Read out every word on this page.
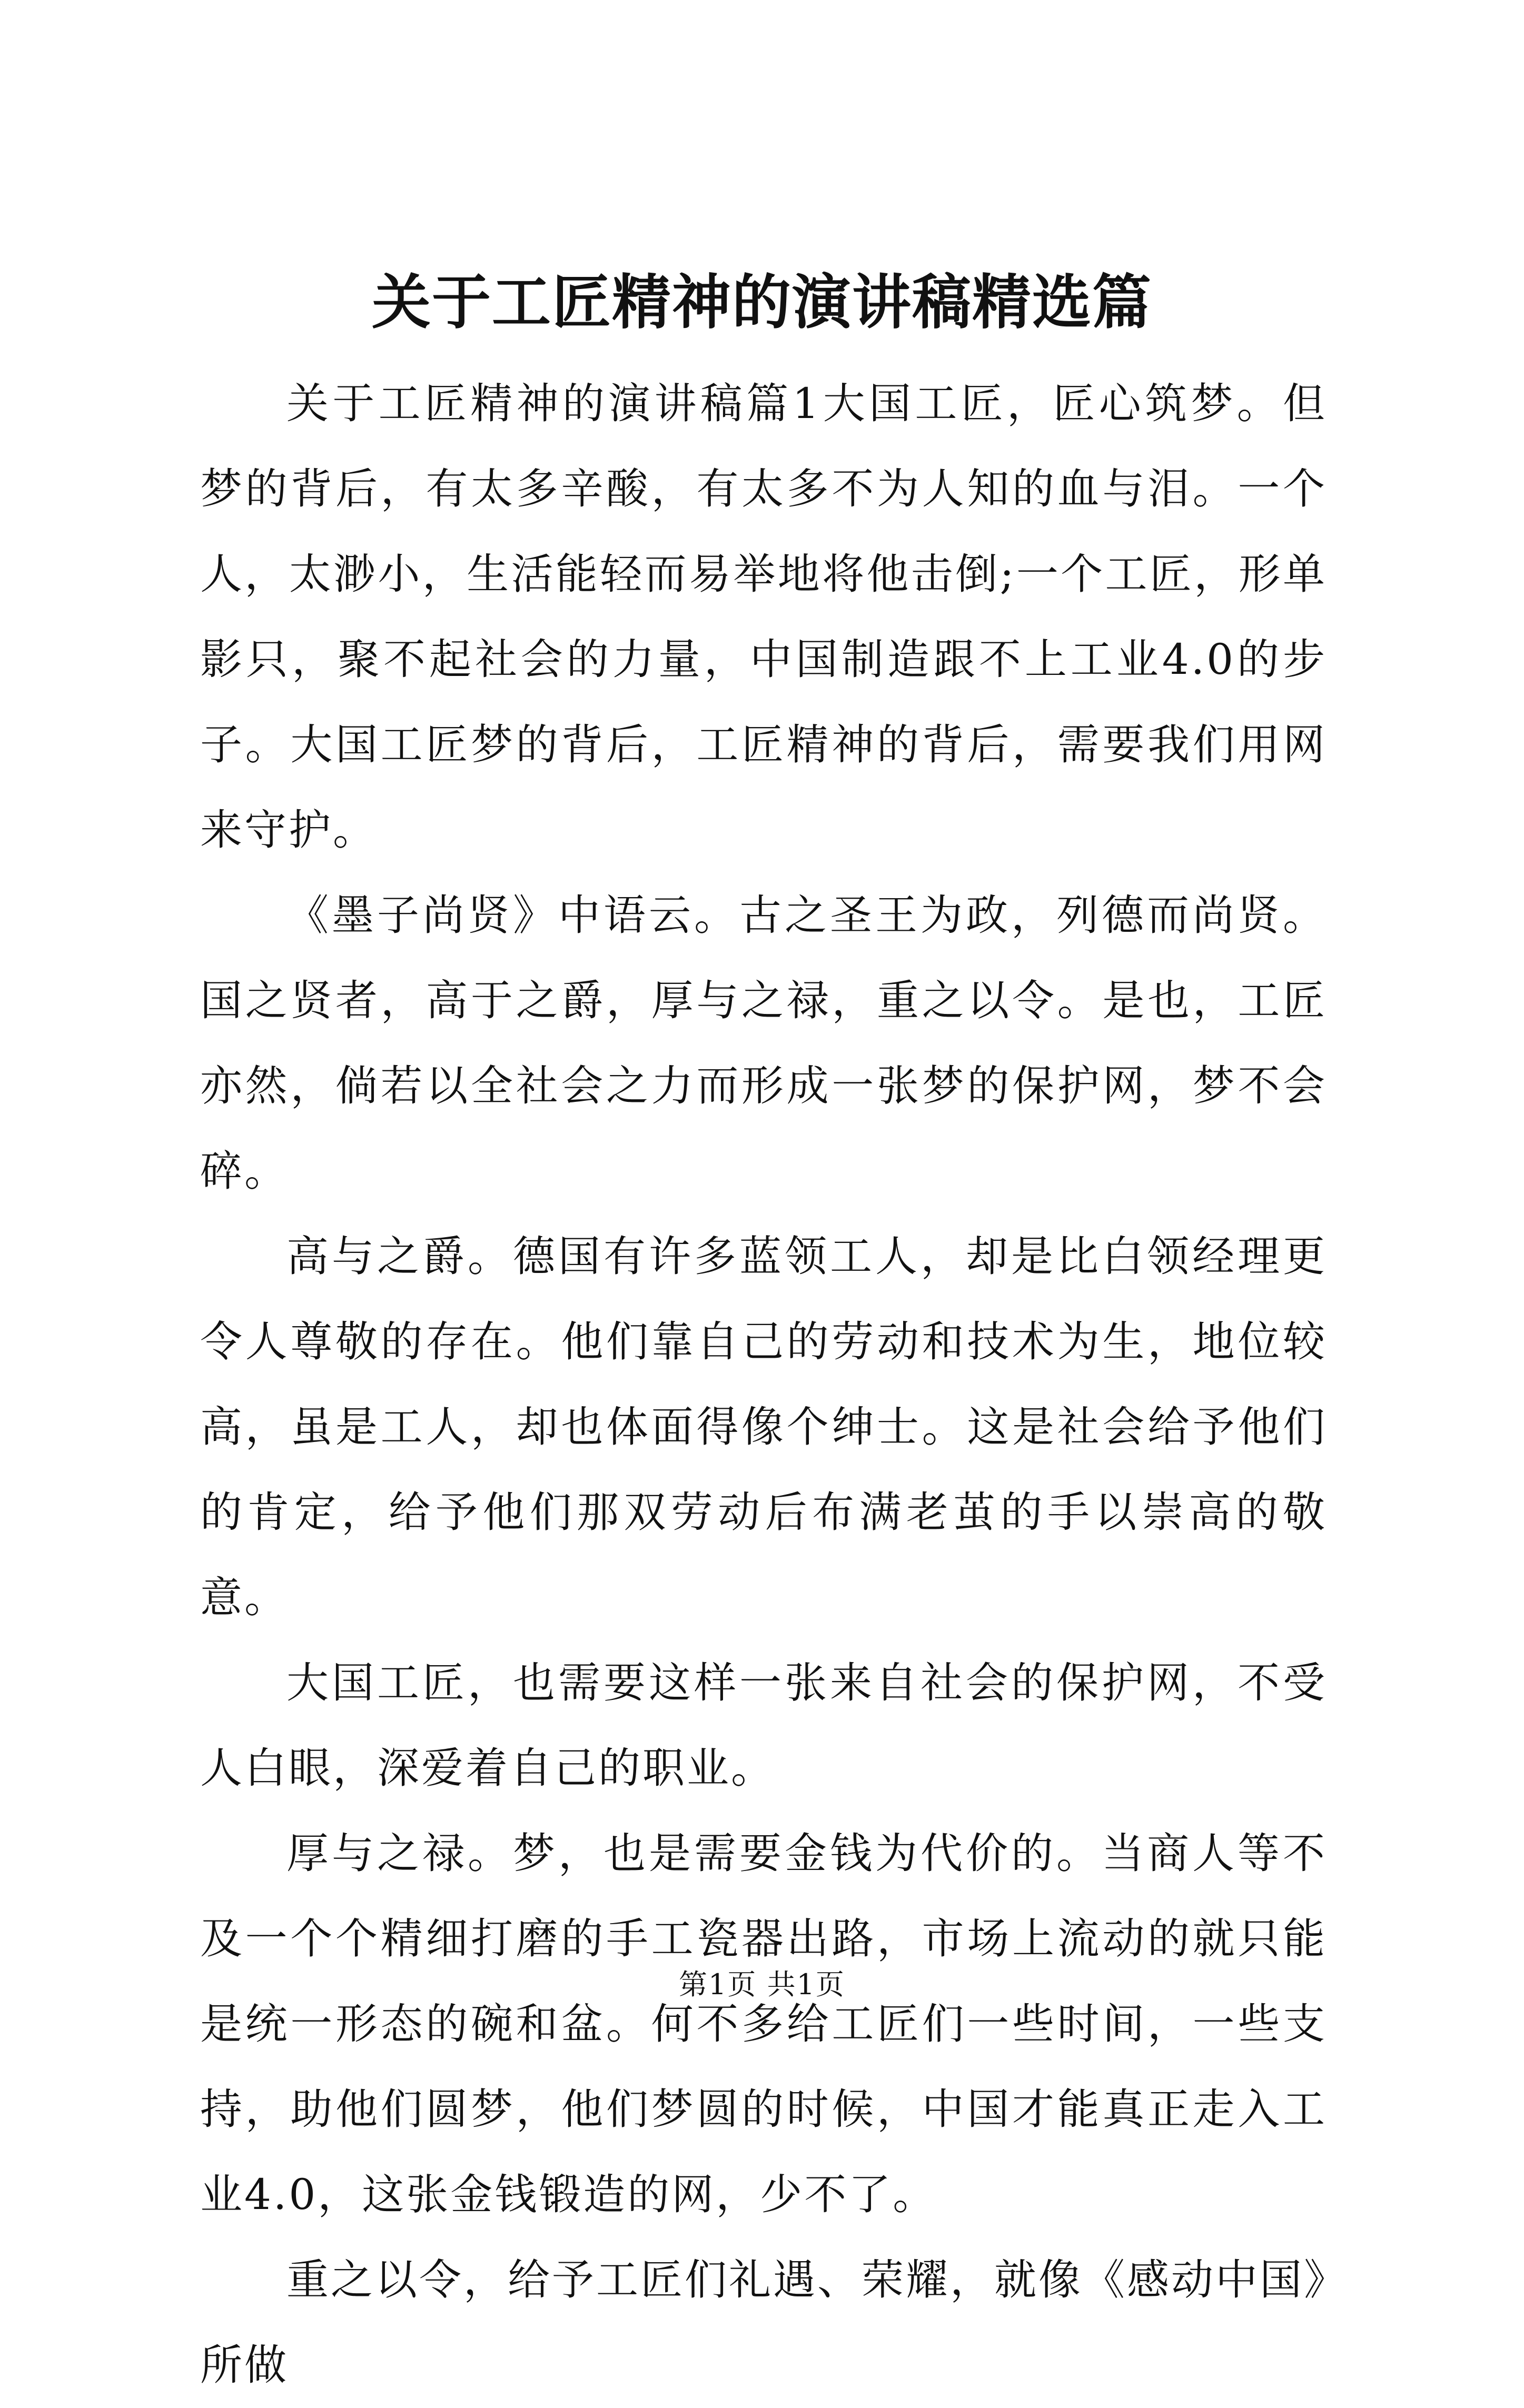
关于工匠精神的演讲稿精选篇

关于工匠精神的演讲稿篇1大国工匠，匠心筑梦。但梦的背后，有太多辛酸，有太多不为人知的血与泪。一个人，太渺小，生活能轻而易举地将他击倒;一个工匠，形单影只，聚不起社会的力量，中国制造跟不上工业4.0的步子。大国工匠梦的背后，工匠精神的背后，需要我们用网来守护。

《墨子尚贤》中语云。古之圣王为政，列德而尚贤。国之贤者，高于之爵，厚与之禄，重之以令。是也，工匠亦然，倘若以全社会之力而形成一张梦的保护网，梦不会碎。

高与之爵。德国有许多蓝领工人，却是比白领经理更令人尊敬的存在。他们靠自己的劳动和技术为生，地位较高，虽是工人，却也体面得像个绅士。这是社会给予他们的肯定，给予他们那双劳动后布满老茧的手以崇高的敬意。

大国工匠，也需要这样一张来自社会的保护网，不受人白眼，深爱着自己的职业。

厚与之禄。梦，也是需要金钱为代价的。当商人等不及一个个精细打磨的手工瓷器出路，市场上流动的就只能是统一形态的碗和盆。何不多给工匠们一些时间，一些支持，助他们圆梦，他们梦圆的时候，中国才能真正走入工业4.0，这张金钱锻造的网，少不了。

重之以令，给予工匠们礼遇、荣耀，就像《感动中国》所做

第1页 共1页
